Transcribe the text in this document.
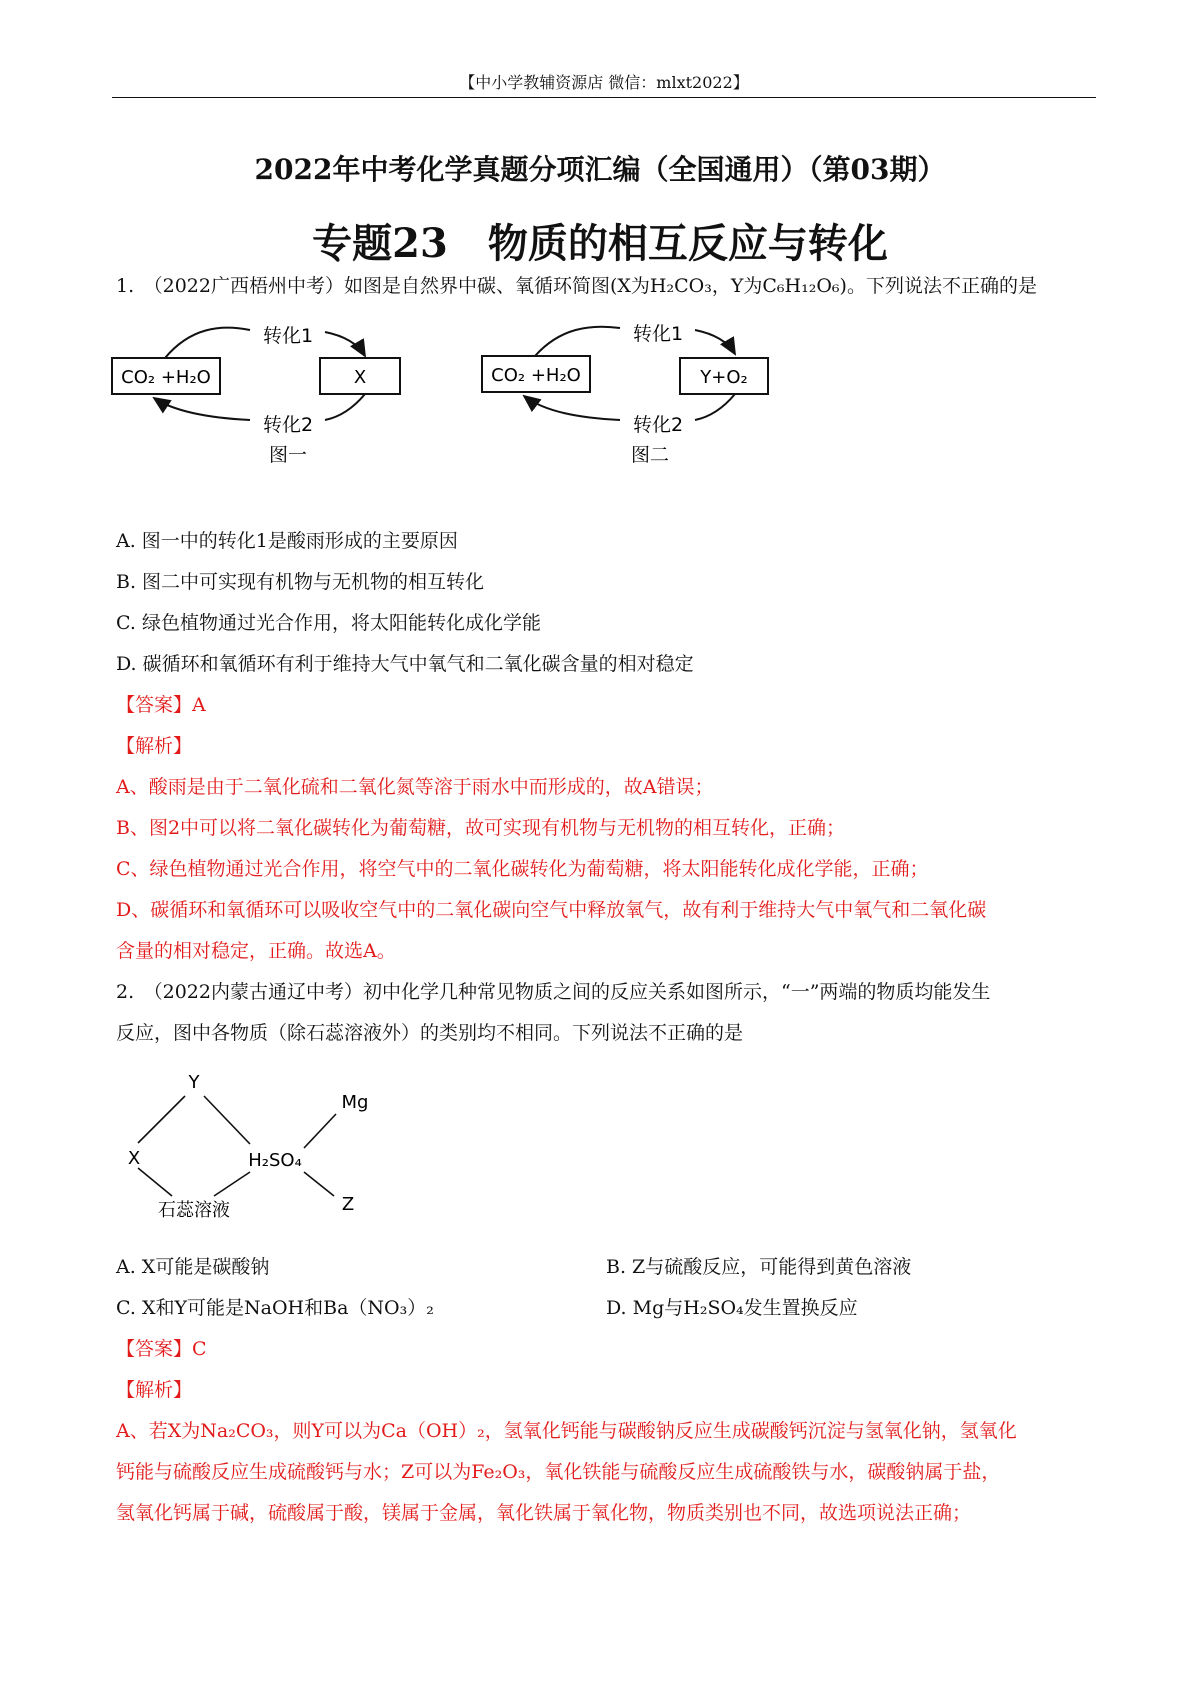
【中小学教辅资源店 微信：mlxt2022】
2022年中考化学真题分项汇编（全国通用）（第03期）
专题23　物质的相互反应与转化
1.　（2022广西梧州中考）如图是自然界中碳、氧循环简图(X为H₂CO₃，Y为C₆H₁₂O₆)。下列说法不正确的是
CO₂ +H₂O	X
转化1
转化2
图一
CO₂ +H₂O	Y+O₂
转化1
转化2
图二
A. 图一中的转化1是酸雨形成的主要原因
B. 图二中可实现有机物与无机物的相互转化
C. 绿色植物通过光合作用，将太阳能转化成化学能
D. 碳循环和氧循环有利于维持大气中氧气和二氧化碳含量的相对稳定
【答案】A
【解析】
A、酸雨是由于二氧化硫和二氧化氮等溶于雨水中而形成的，故A错误；
B、图2中可以将二氧化碳转化为葡萄糖，故可实现有机物与无机物的相互转化，正确；
C、绿色植物通过光合作用，将空气中的二氧化碳转化为葡萄糖，将太阳能转化成化学能，正确；
D、碳循环和氧循环可以吸收空气中的二氧化碳向空气中释放氧气，故有利于维持大气中氧气和二氧化碳
含量的相对稳定，正确。故选A。
2.　（2022内蒙古通辽中考）初中化学几种常见物质之间的反应关系如图所示，“一”两端的物质均能发生
反应，图中各物质（除石蕊溶液外）的类别均不相同。下列说法不正确的是
Y
X	H₂SO₄
Mg
Z
石蕊溶液
A. X可能是碳酸钠	B. Z与硫酸反应，可能得到黄色溶液
C. X和Y可能是NaOH和Ba（NO₃）₂	D. Mg与H₂SO₄发生置换反应
【答案】C
【解析】
A、若X为Na₂CO₃，则Y可以为Ca（OH）₂，氢氧化钙能与碳酸钠反应生成碳酸钙沉淀与氢氧化钠，氢氧化
钙能与硫酸反应生成硫酸钙与水；Z可以为Fe₂O₃，氧化铁能与硫酸反应生成硫酸铁与水，碳酸钠属于盐，
氢氧化钙属于碱，硫酸属于酸，镁属于金属，氧化铁属于氧化物，物质类别也不同，故选项说法正确；
